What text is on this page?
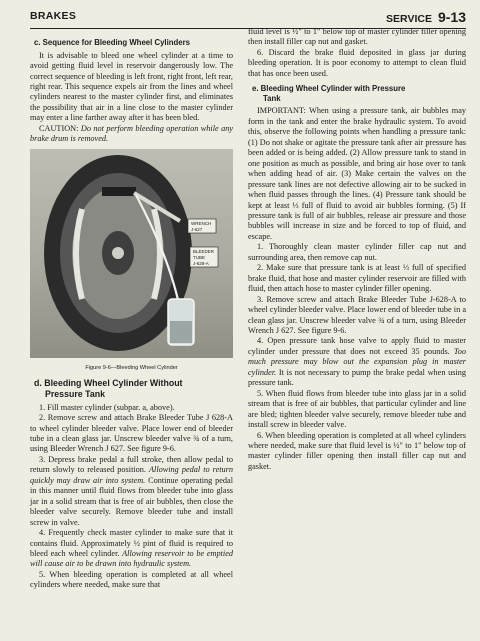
BRAKES	SERVICE 9-13
c. Sequence for Bleeding Wheel Cylinders

It is advisable to bleed one wheel cylinder at a time to avoid getting fluid level in reservoir dangerously low. The correct sequence of bleeding is left front, right front, left rear, right rear. This sequence expels air from the lines and wheel cylinders nearest to the master cylinder first, and eliminates the possibility that air in a line close to the master cylinder may enter a line farther away after it has been bled.

CAUTION: Do not perform bleeding operation while any brake drum is removed.

WRENCH
J-627
BLEEDER
TUBE
J-628-A
Figure 9-6—Bleeding Wheel Cylinder
d. Bleeding Wheel Cylinder Without
Pressure Tank

1. Fill master cylinder (subpar. a, above).

2. Remove screw and attach Brake Bleeder Tube J 628-A to wheel cylinder bleeder valve. Place lower end of bleeder tube in a clean glass jar. Unscrew bleeder valve ¾ of a turn, using Bleeder Wrench J 627. See figure 9-6.

3. Depress brake pedal a full stroke, then allow pedal to return slowly to released position. Allowing pedal to return quickly may draw air into system. Continue operating pedal in this manner until fluid flows from bleeder tube into glass jar in a solid stream that is free of air bubbles, then close the bleeder valve securely. Remove bleeder tube and install screw in valve.

4. Frequently check master cylinder to make sure that it contains fluid. Approximately ½ pint of fluid is required to bleed each wheel cylinder. Allowing reservoir to be emptied will cause air to be drawn into hydraulic system.

5. When bleeding operation is completed at all wheel cylinders where needed, make sure that

fluid level is ½" to 1" below top of master cylinder filler opening then install filler cap nut and gasket.

6. Discard the brake fluid deposited in glass jar during bleeding operation. It is poor economy to attempt to clean fluid that has once been used.

e. Bleeding Wheel Cylinder with Pressure
Tank

IMPORTANT: When using a pressure tank, air bubbles may form in the tank and enter the brake hydraulic system. To avoid this, observe the following points when handling a pressure tank: (1) Do not shake or agitate the pressure tank after air pressure has been added or is being added. (2) Allow pressure tank to stand in one position as much as possible, and bring air hose over to tank when adding head of air. (3) Make certain the valves on the pressure tank lines are not defective allowing air to be sucked in when fluid passes through the lines. (4) Pressure tank should be kept at least ⅓ full of fluid to avoid air bubbles forming. (5) If pressure tank is full of air bubbles, release air pressure and those bubbles will increase in size and be forced to top of fluid, and escape.

1. Thoroughly clean master cylinder filler cap nut and surrounding area, then remove cap nut.

2. Make sure that pressure tank is at least ⅓ full of specified brake fluid, that hose and master cylinder reservoir are filled with fluid, then attach hose to master cylinder filler opening.

3. Remove screw and attach Brake Bleeder Tube J-628-A to wheel cylinder bleeder valve. Place lower end of bleeder tube in a clean glass jar. Unscrew bleeder valve ¾ of a turn, using Bleeder Wrench J 627. See figure 9-6.

4. Open pressure tank hose valve to apply fluid to master cylinder under pressure that does not exceed 35 pounds. Too much pressure may blow out the expansion plug in master cylinder. It is not necessary to pump the brake pedal when using pressure tank.

5. When fluid flows from bleeder tube into glass jar in a solid stream that is free of air bubbles, that particular cylinder and line are bled; tighten bleeder valve securely, remove bleeder tube and install screw in bleeder valve.

6. When bleeding operation is completed at all wheel cylinders where needed, make sure that fluid level is ½" to 1" below top of master cylinder filler opening then install filler cap nut and gasket.
